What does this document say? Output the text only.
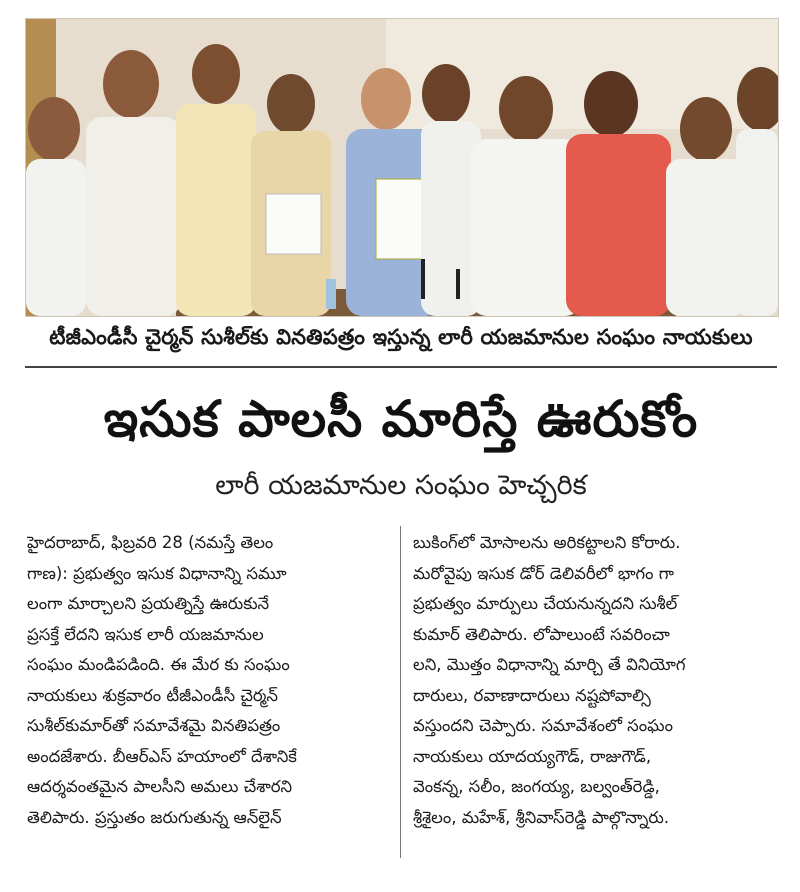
టీజీఎండీసీ చైర్మన్ సుశీల్‌కు వినతిపత్రం ఇస్తున్న లారీ యజమానుల సంఘం నాయకులు
ఇసుక పాలసీ మారిస్తే ఊరుకోం
లారీ యజమానుల సంఘం హెచ్చరిక
హైదరాబాద్, ఫిబ్రవరి 28 (నమస్తే తెలం
గాణ): ప్రభుత్వం ఇసుక విధానాన్ని సమూ
లంగా మార్చాలని ప్రయత్నిస్తే ఊరుకునే
ప్రసక్తే లేదని ఇసుక లారీ యజమానుల
సంఘం మండిపడింది. ఈ మేర కు సంఘం
నాయకులు శుక్రవారం టీజీఎండీసీ చైర్మన్
సుశీల్‌కుమార్‌తో సమావేశమై వినతిపత్రం
అందజేశారు. బీఆర్‌ఎస్ హయాంలో దేశానికే
ఆదర్శవంతమైన పాలసీని అమలు చేశారని
తెలిపారు. ప్రస్తుతం జరుగుతున్న ఆన్‌లైన్
బుకింగ్‌లో మోసాలను అరికట్టాలని కోరారు.
మరోవైపు ఇసుక డోర్ డెలివరీలో భాగం గా
ప్రభుత్వం మార్పులు చేయనున్నదని సుశీల్
కుమార్ తెలిపారు. లోపాలుంటే సవరించా
లని, మొత్తం విధానాన్ని మార్చి తే వినియోగ
దారులు, రవాణాదారులు నష్టపోవాల్సి
వస్తుందని చెప్పారు. సమావేశంలో సంఘం
నాయకులు యాదయ్యగౌడ్, రాజుగౌడ్,
వెంకన్న, సలీం, జంగయ్య, బల్వంత్‌రెడ్డి,
శ్రీశైలం, మహేశ్, శ్రీనివాస్‌రెడ్డి పాల్గొన్నారు.
